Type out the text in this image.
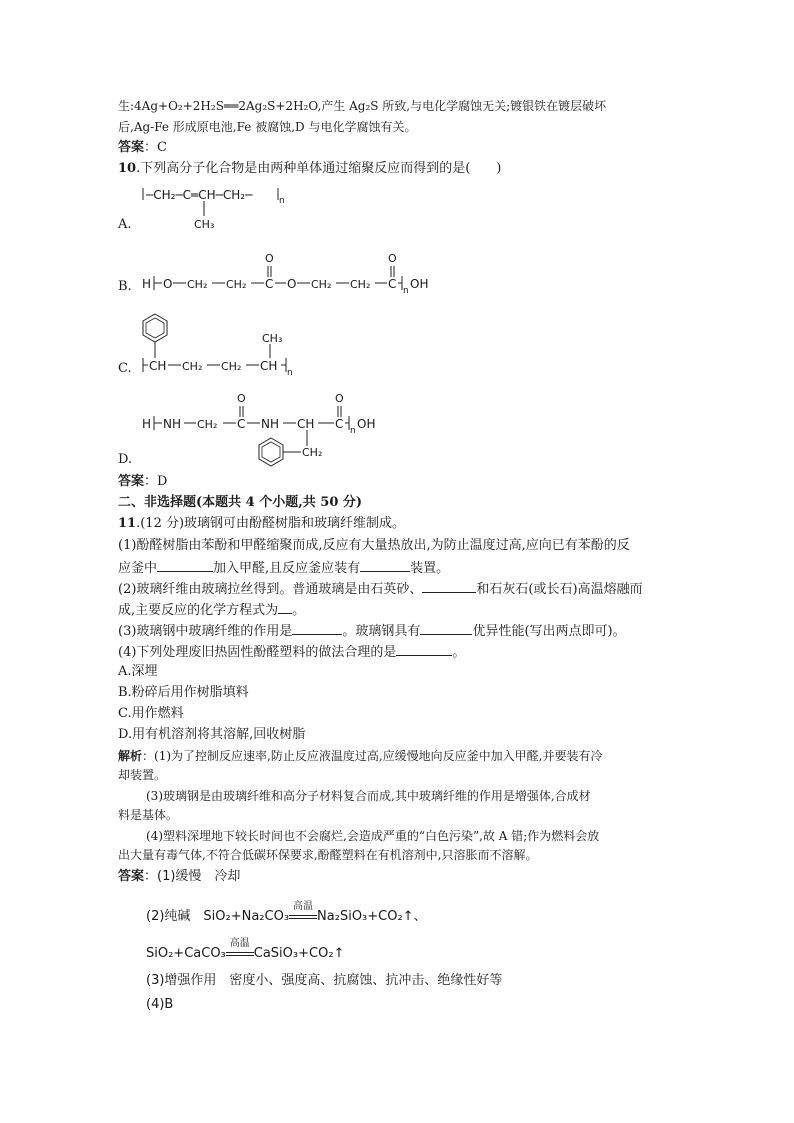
生:4Ag+O₂+2H₂S══2Ag₂S+2H₂O,产生 Ag₂S 所致,与电化学腐蚀无关;镀银铁在镀层破坏
后,Ag-Fe 形成原电池,Fe 被腐蚀,D 与电化学腐蚀有关。
答案：C
10.下列高分子化合物是由两种单体通过缩聚反应而得到的是(　　)
A.
─CH₂─C═CH─CH₂─	n
CH₃
B. H O CH₂ CH₂ C
O
O CH₂ CH₂ C
O
n OH
C. CH CH₂ CH₂ CH
CH₃
n
D.
H NH CH₂ C
O
NH CH C
O
n OH
CH₂
答案：D
二、非选择题(本题共 4 个小题,共 50 分)
11.(12 分)玻璃钢可由酚醛树脂和玻璃纤维制成。
(1)酚醛树脂由苯酚和甲醛缩聚而成,反应有大量热放出,为防止温度过高,应向已有苯酚的反
应釜中	加入甲醛,且反应釜应装有	装置。
(2)玻璃纤维由玻璃拉丝得到。普通玻璃是由石英砂、	和石灰石(或长石)高温熔融而
成,主要反应的化学方程式为 。
(3)玻璃钢中玻璃纤维的作用是	。玻璃钢具有	优异性能(写出两点即可)。
(4)下列处理废旧热固性酚醛塑料的做法合理的是	。
A.深埋
B.粉碎后用作树脂填料
C.用作燃料
D.用有机溶剂将其溶解,回收树脂
解析：(1)为了控制反应速率,防止反应液温度过高,应缓慢地向反应釜中加入甲醛,并要装有冷
却装置。
(3)玻璃钢是由玻璃纤维和高分子材料复合而成,其中玻璃纤维的作用是增强体,合成材
料是基体。
(4)塑料深埋地下较长时间也不会腐烂,会造成严重的“白色污染”,故 A 错;作为燃料会放
出大量有毒气体,不符合低碳环保要求,酚醛塑料在有机溶剂中,只溶胀而不溶解。
答案：(1)缓慢　冷却
(2)纯碱　SiO₂+Na₂CO₃
高温
Na₂SiO₃+CO₂↑、
SiO₂+CaCO₃
高温
CaSiO₃+CO₂↑
(3)增强作用　密度小、强度高、抗腐蚀、抗冲击、绝缘性好等
(4)B
